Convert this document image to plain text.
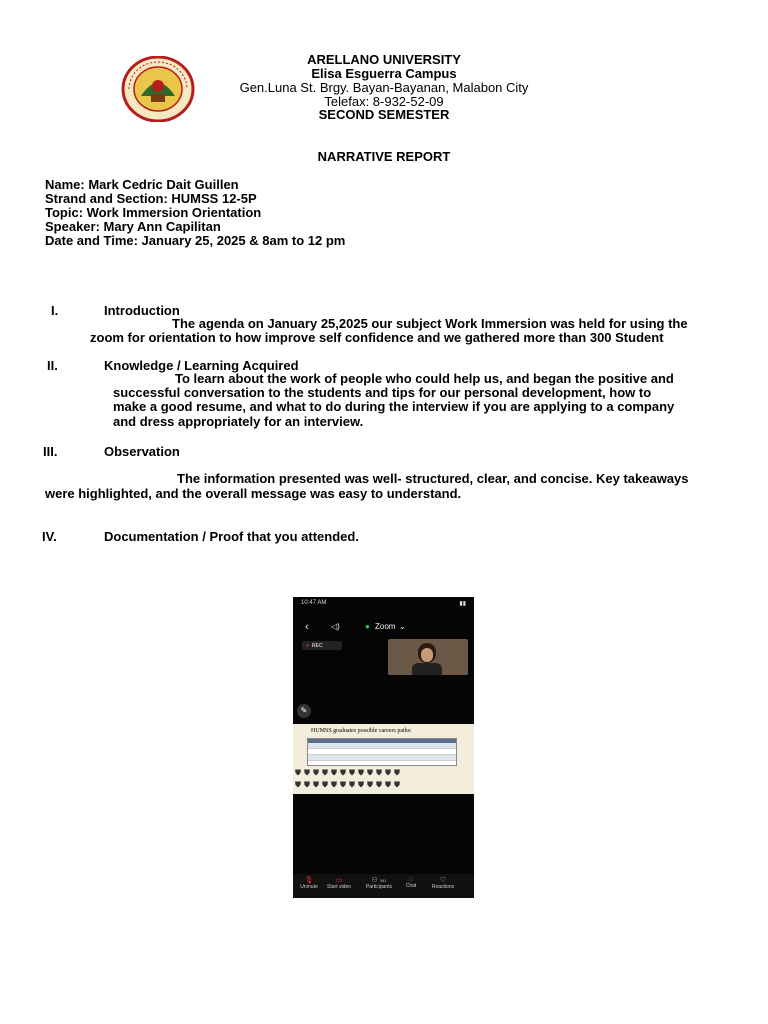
ARELLANO UNIVERSITY
Elisa Esguerra Campus
Gen.Luna St. Brgy. Bayan-Bayanan, Malabon City
Telefax: 8-932-52-09
SECOND SEMESTER
NARRATIVE REPORT
Name: Mark Cedric Dait Guillen
Strand and Section: HUMSS 12-5P
Topic: Work Immersion Orientation
Speaker: Mary Ann Capilitan
Date and Time: January 25, 2025 & 8am to 12 pm
I.	Introduction
The agenda on January 25,2025 our subject Work Immersion was held for using the
zoom for orientation to how improve self confidence and we gathered more than 300 Student
II.	Knowledge / Learning Acquired
To learn about the work of people who could help us, and began the positive and
successful conversation to the students and tips for our personal development, how to
make a good resume, and what to do during the interview if you are applying to a company
and dress appropriately for an interview.
III.	Observation
The information presented was well- structured, clear, and concise. Key takeaways
were highlighted, and the overall message was easy to understand.
IV.	Documentation / Proof that you attended.
10:47 AM	▮▮
‹	◁)	● Zoom ⌄
● REC
✎
HUMSS graduates possible careers paths:
⛊⛊⛊⛊⛊⛊⛊⛊⛊⛊⛊⛊
⛊⛊⛊⛊⛊⛊⛊⛊⛊⛊⛊⛊
🎙
Unmute
▭
Start video
⚇ 341
Participants
◌
Chat
♡
Reactions
